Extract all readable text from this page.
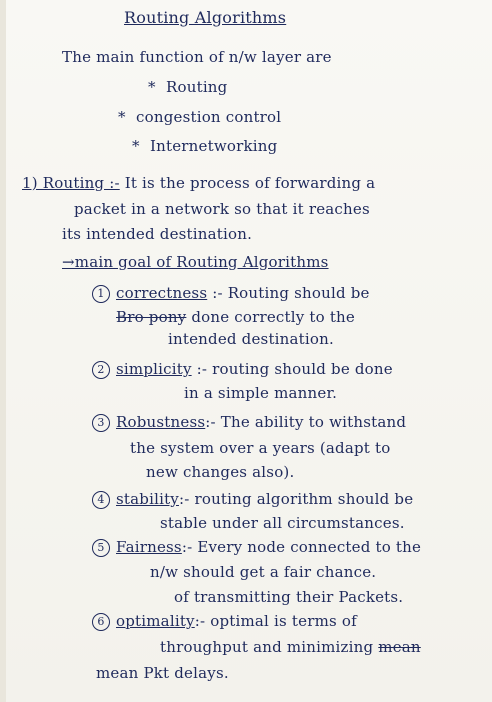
Routing Algorithms
The main function of n/w layer are
* Routing
* congestion control
* Internetworking
1) Routing :- It is the process of forwarding a
packet in a network so that it reaches
its intended destination.
→main goal of Routing Algorithms
1 correctness :- Routing should be
Bro pony done correctly to the
intended destination.
2 simplicity :- routing should be done
in a simple manner.
3 Robustness:- The ability to withstand
the system over a years (adapt to
new changes also).
4 stability:- routing algorithm should be
stable under all circumstances.
5 Fairness:- Every node connected to the
n/w should get a fair chance.
of transmitting their Packets.
6 optimality:- optimal is terms of
throughput and minimizing mean
mean Pkt delays.
